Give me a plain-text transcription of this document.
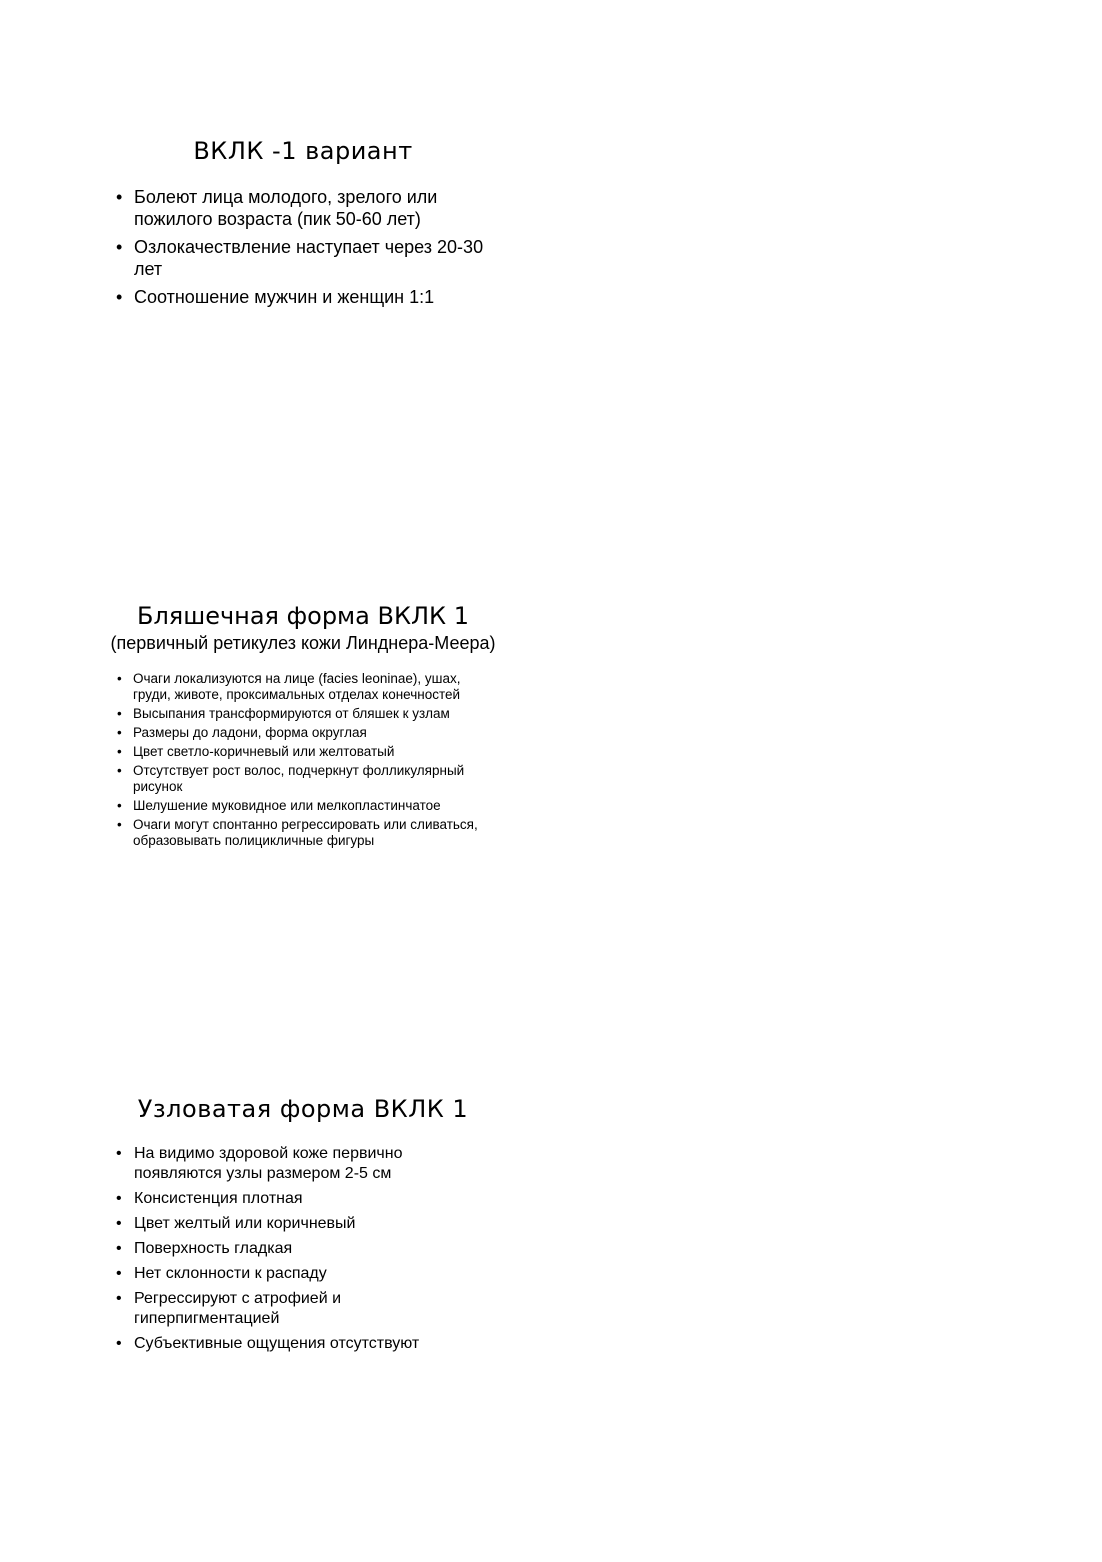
ВКЛК -1 вариант
• Болеют лица молодого, зрелого или пожилого возраста (пик 50-60 лет)
• Озлокачествление наступает через 20-30 лет
• Соотношение мужчин и женщин 1:1
Бляшечная форма ВКЛК 1

(первичный ретикулез кожи Линднера-Меера)

• Очаги локализуются на лице (facies leoninae), ушах, груди, животе, проксимальных отделах конечностей
• Высыпания трансформируются от бляшек к узлам
• Размеры до ладони, форма округлая
• Цвет светло-коричневый или желтоватый
• Отсутствует рост волос, подчеркнут фолликулярный рисунок
• Шелушение муковидное или мелкопластинчатое
• Очаги могут спонтанно регрессировать или сливаться, образовывать полицикличные фигуры
Узловатая форма ВКЛК 1
• На видимо здоровой коже первично появляются узлы размером 2-5 см
• Консистенция плотная
• Цвет желтый или коричневый
• Поверхность гладкая
• Нет склонности к распаду
• Регрессируют с атрофией и гиперпигментацией
• Субъективные ощущения отсутствуют
